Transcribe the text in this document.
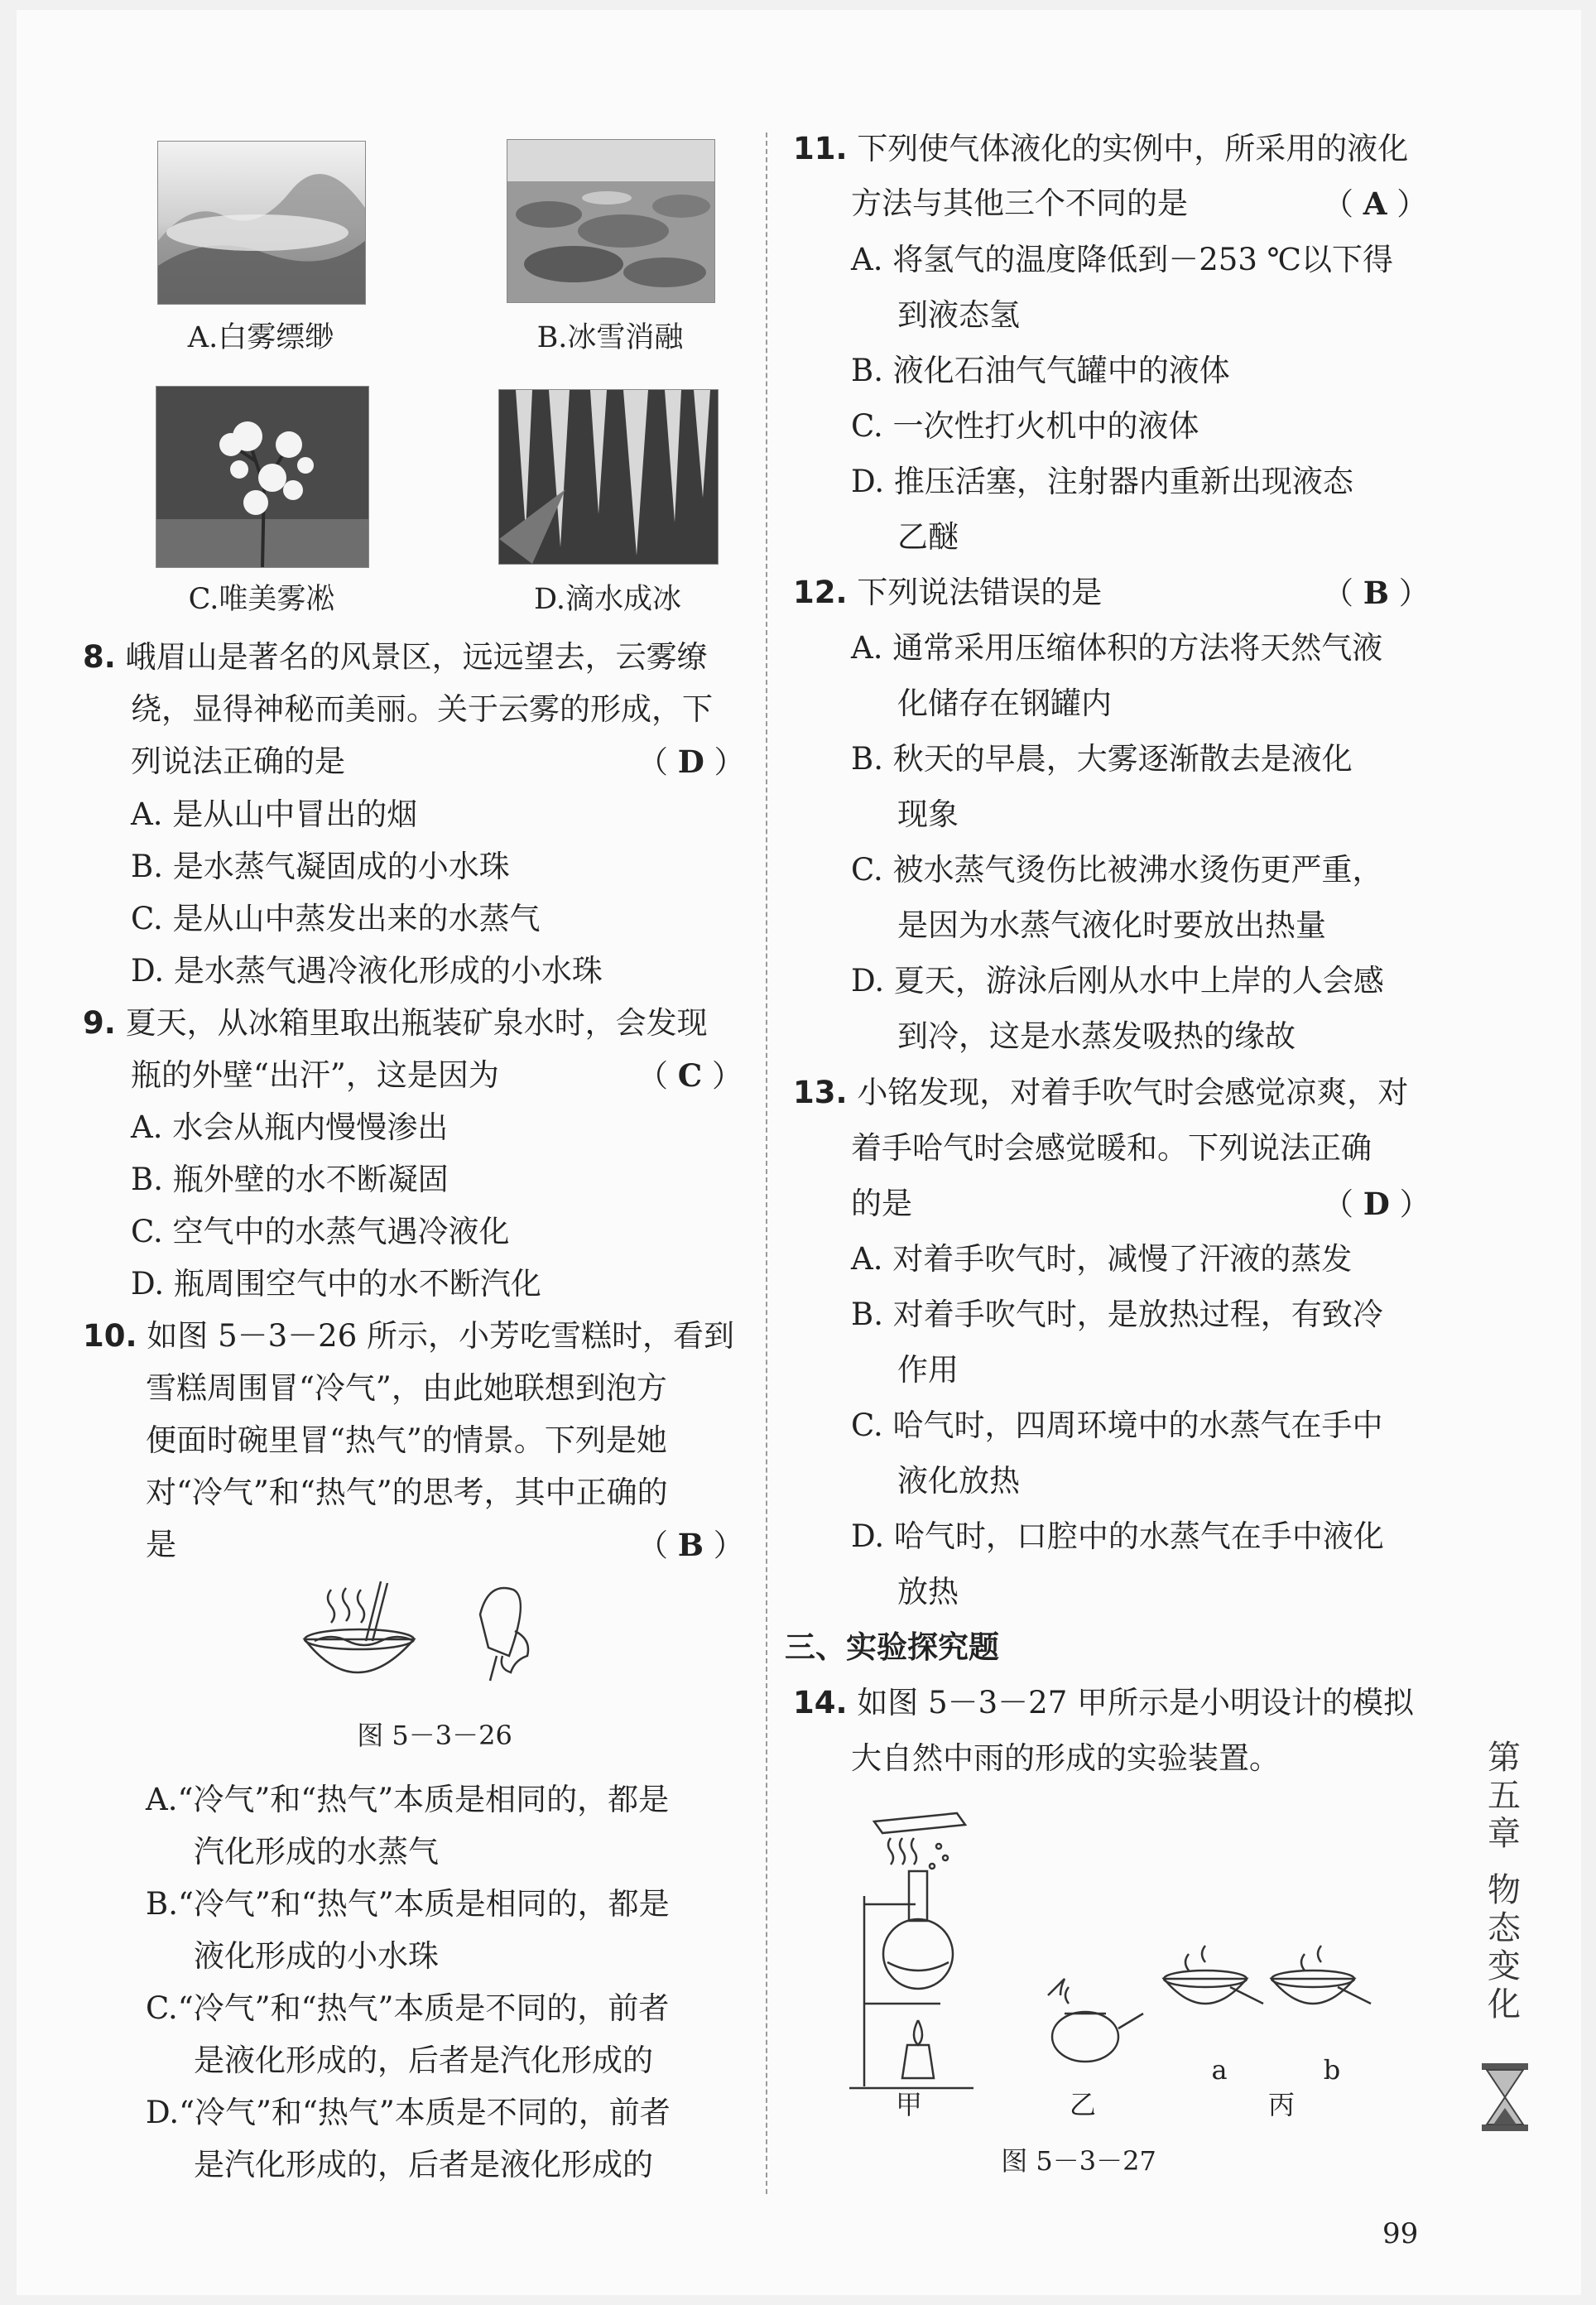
A.白雾缥缈	B.冰雪消融
C.唯美雾凇	D.滴水成冰
8. 峨眉山是著名的风景区，远远望去，云雾缭
绕，显得神秘而美丽。关于云雾的形成，下
列说法正确的是	（ D ）
A. 是从山中冒出的烟
B. 是水蒸气凝固成的小水珠
C. 是从山中蒸发出来的水蒸气
D. 是水蒸气遇冷液化形成的小水珠
9. 夏天，从冰箱里取出瓶装矿泉水时，会发现
瓶的外壁“出汗”，这是因为	（ C ）
A. 水会从瓶内慢慢渗出
B. 瓶外壁的水不断凝固
C. 空气中的水蒸气遇冷液化
D. 瓶周围空气中的水不断汽化
10. 如图 5－3－26 所示，小芳吃雪糕时，看到
雪糕周围冒“冷气”，由此她联想到泡方
便面时碗里冒“热气”的情景。下列是她
对“冷气”和“热气”的思考，其中正确的
是	（ B ）
图 5－3－26
A.“冷气”和“热气”本质是相同的，都是
汽化形成的水蒸气
B.“冷气”和“热气”本质是相同的，都是
液化形成的小水珠
C.“冷气”和“热气”本质是不同的，前者
是液化形成的，后者是汽化形成的
D.“冷气”和“热气”本质是不同的，前者
是汽化形成的，后者是液化形成的
11. 下列使气体液化的实例中，所采用的液化
方法与其他三个不同的是	（ A ）
A. 将氢气的温度降低到－253 ℃以下得
到液态氢
B. 液化石油气气罐中的液体
C. 一次性打火机中的液体
D. 推压活塞，注射器内重新出现液态
乙醚
12. 下列说法错误的是	（ B ）
A. 通常采用压缩体积的方法将天然气液
化储存在钢罐内
B. 秋天的早晨，大雾逐渐散去是液化
现象
C. 被水蒸气烫伤比被沸水烫伤更严重，
是因为水蒸气液化时要放出热量
D. 夏天，游泳后刚从水中上岸的人会感
到冷，这是水蒸发吸热的缘故
13. 小铭发现，对着手吹气时会感觉凉爽，对
着手哈气时会感觉暖和。下列说法正确
的是	（ D ）
A. 对着手吹气时，减慢了汗液的蒸发
B. 对着手吹气时，是放热过程，有致冷
作用
C. 哈气时，四周环境中的水蒸气在手中
液化放热
D. 哈气时，口腔中的水蒸气在手中液化
放热
三、实验探究题
14. 如图 5－3－27 甲所示是小明设计的模拟
大自然中雨的形成的实验装置。
甲	乙
a	b
丙
图 5－3－27
第
五
章
物
态
变
化
99
